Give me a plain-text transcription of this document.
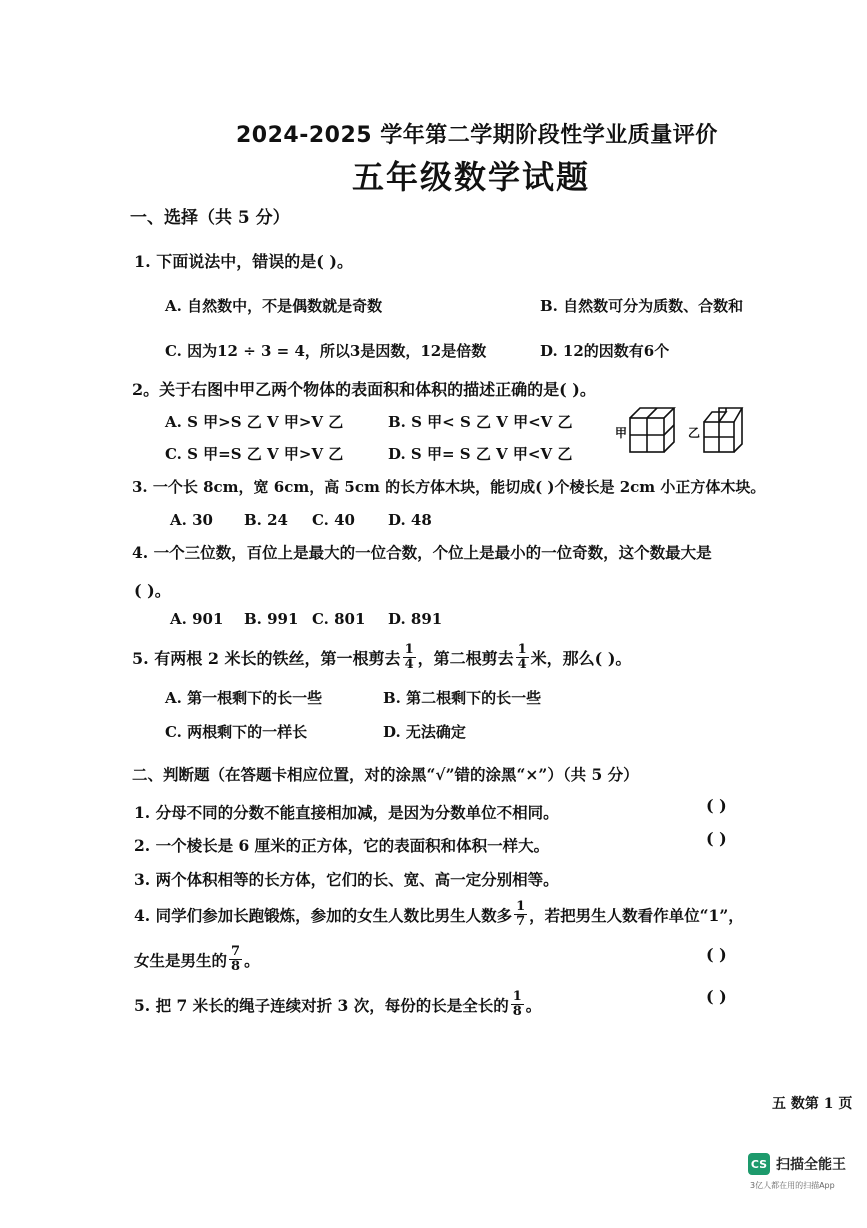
2024-2025 学年第二学期阶段性学业质量评价
五年级数学试题
一、选择（共 5 分）
1. 下面说法中，错误的是( )。
A. 自然数中，不是偶数就是奇数	B. 自然数可分为质数、合数和
C. 因为12 ÷ 3 = 4，所以3是因数，12是倍数	D. 12的因数有6个
2。关于右图中甲乙两个物体的表面积和体积的描述正确的是( )。
A. S 甲>S 乙 V 甲>V 乙	B. S 甲< S 乙 V 甲<V 乙
C. S 甲=S 乙 V 甲>V 乙	D. S 甲= S 乙 V 甲<V 乙
甲	乙
3. 一个长 8cm，宽 6cm，高 5cm 的长方体木块，能切成( )个棱长是 2cm 小正方体木块。
A. 30 B. 24 C. 40 D. 48
4. 一个三位数，百位上是最大的一位合数，个位上是最小的一位奇数，这个数最大是
( )。
A. 901 B. 991 C. 801 D. 891
5. 有两根 2 米长的铁丝，第一根剪去 $\frac{1}{4}$ ，第二根剪去 $\frac{1}{4}$ 米，那么( )。
A. 第一根剩下的长一些	B. 第二根剩下的长一些
C. 两根剩下的一样长	D. 无法确定
二、判断题（在答题卡相应位置，对的涂黑“√”错的涂黑“×”）（共 5 分）
1. 分母不同的分数不能直接相加减，是因为分数单位不相同。	( )
2. 一个棱长是 6 厘米的正方体，它的表面积和体积一样大。	( )
3. 两个体积相等的长方体，它们的长、宽、高一定分别相等。
4. 同学们参加长跑锻炼，参加的女生人数比男生人数多 $\frac{1}{7}$ ，若把男生人数看作单位“1”，
女生是男生的 $\frac{7}{8}$ 。	( )
5. 把 7 米长的绳子连续对折 3 次，每份的长是全长的 $\frac{1}{8}$ 。	( )
五 数第 1 页
CS 扫描全能王
3亿人都在用的扫描App
